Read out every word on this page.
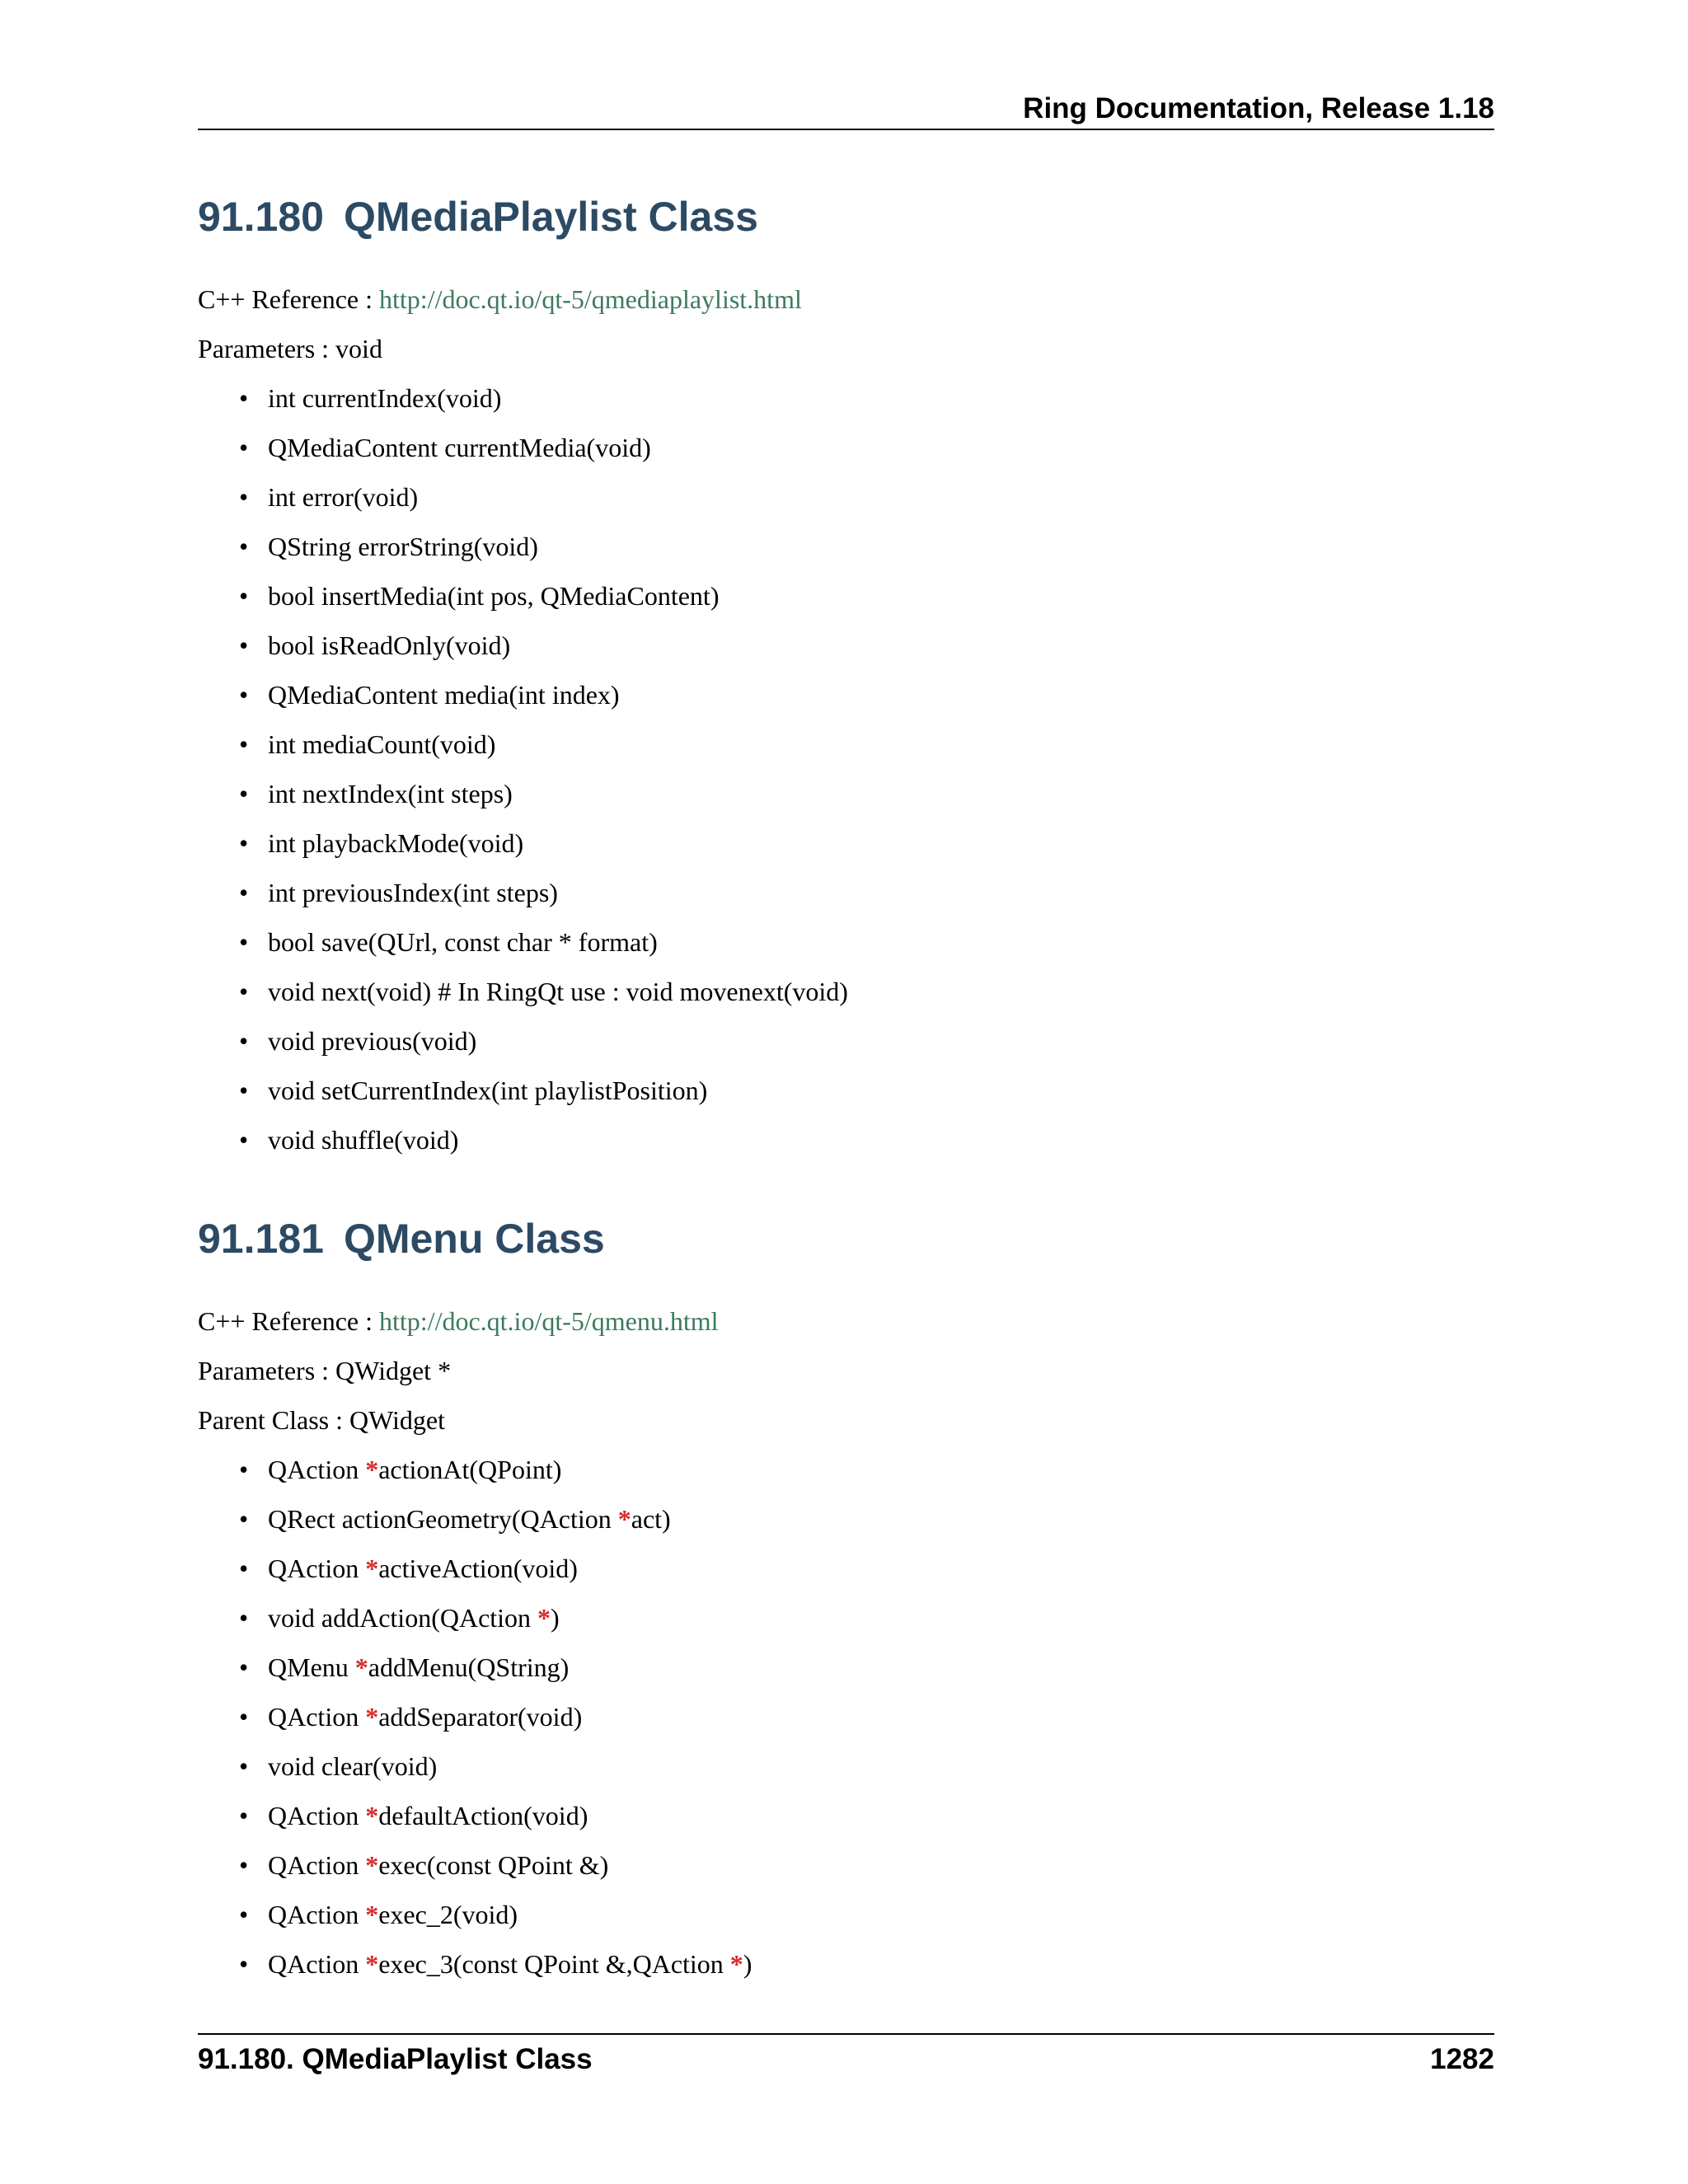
Ring Documentation, Release 1.18
91.180 QMediaPlaylist Class

C++ Reference : http://doc.qt.io/qt-5/qmediaplaylist.html

Parameters : void

• int currentIndex(void)
• QMediaContent currentMedia(void)
• int error(void)
• QString errorString(void)
• bool insertMedia(int pos, QMediaContent)
• bool isReadOnly(void)
• QMediaContent media(int index)
• int mediaCount(void)
• int nextIndex(int steps)
• int playbackMode(void)
• int previousIndex(int steps)
• bool save(QUrl, const char * format)
• void next(void) # In RingQt use : void movenext(void)
• void previous(void)
• void setCurrentIndex(int playlistPosition)
• void shuffle(void)
91.181 QMenu Class

C++ Reference : http://doc.qt.io/qt-5/qmenu.html

Parameters : QWidget *

Parent Class : QWidget

• QAction *actionAt(QPoint)
• QRect actionGeometry(QAction *act)
• QAction *activeAction(void)
• void addAction(QAction *)
• QMenu *addMenu(QString)
• QAction *addSeparator(void)
• void clear(void)
• QAction *defaultAction(void)
• QAction *exec(const QPoint &)
• QAction *exec_2(void)
• QAction *exec_3(const QPoint &,QAction *)
91.180. QMediaPlaylist Class	1282
